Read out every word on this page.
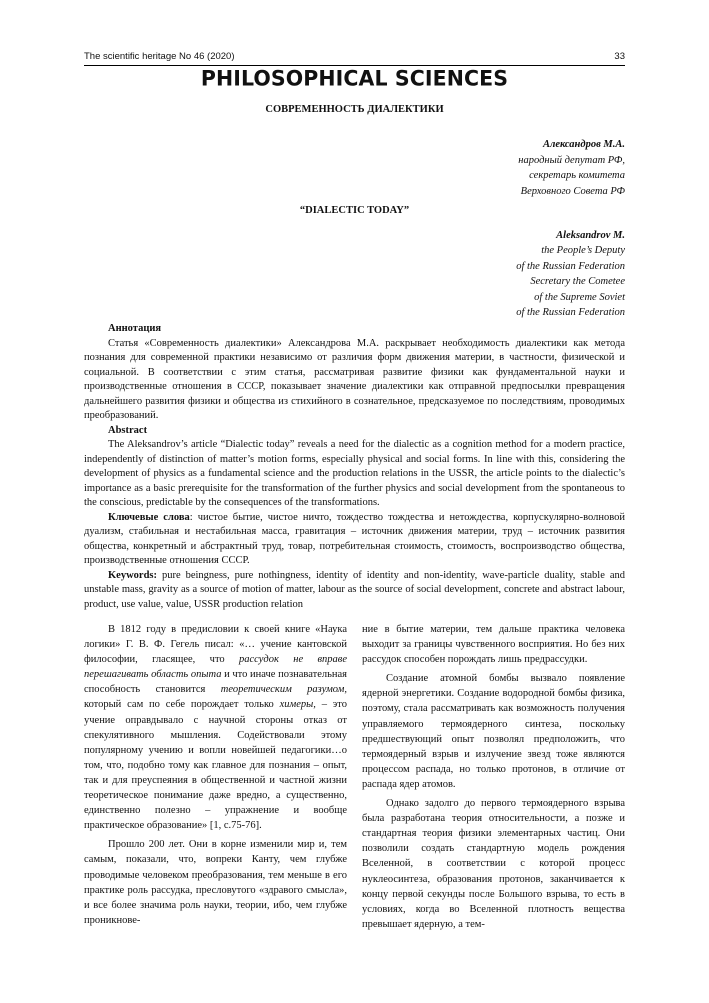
The scientific heritage No 46 (2020)	33
PHILOSOPHICAL SCIENCES
СОВРЕМЕННОСТЬ ДИАЛЕКТИКИ
Александров М.А.
народный депутат РФ,
секретарь комитета
Верховного Совета РФ
“DIALECTIC TODAY”
Aleksandrov M.
the People’s Deputy
of the Russian Federation
Secretary the Cometee
of the Supreme Soviet
of the Russian Federation

Аннотация

Статья «Современность диалектики» Александрова М.А. раскрывает необходимость диалектики как метода познания для современной практики независимо от различия форм движения материи, в частности, физической и социальной. В соответствии с этим статья, рассматривая развитие физики как фундаментальной науки и производственные отношения в СССР, показывает значение диалектики как отправной предпосылки превращения дальнейшего развития физики и общества из стихийного в сознательное, предсказуемое по последствиям, проводимых преобразований.

Abstract

The Aleksandrov’s article “Dialectic today” reveals a need for the dialectic as a cognition method for a modern practice, independently of distinction of matter’s motion forms, especially physical and social forms. In line with this, considering the development of physics as a fundamental science and the production relations in the USSR, the article points to the dialectic’s importance as a basic prerequisite for the transformation of the further physics and social development from the spontaneous to the conscious, predictable by the consequences of the transformations.

Ключевые слова: чистое бытие, чистое ничто, тождество тождества и нетождества, корпускулярно-волновой дуализм, стабильная и нестабильная масса, гравитация – источник движения материи, труд – источник развития общества, конкретный и абстрактный труд, товар, потребительная стоимость, стоимость, воспроизводство общества, производственные отношения СССР.

Keywords: pure beingness, pure nothingness, identity of identity and non-identity, wave-particle duality, stable and unstable mass, gravity as a source of motion of matter, labour as the source of social development, concrete and abstract labour, product, use value, value, USSR production relation

В 1812 году в предисловии к своей книге «Наука логики» Г. В. Ф. Гегель писал: «… учение кантовской философии, гласящее, что рассудок не вправе перешагивать область опыта и что иначе познавательная способность становится теоретическим разумом, который сам по себе порождает только химеры, – это учение оправдывало с научной стороны отказ от спекулятивного мышления. Содействовали этому популярному учению и вопли новейшей педагогики…о том, что, подобно тому как главное для познания – опыт, так и для преуспеяния в общественной и частной жизни теоретическое понимание даже вредно, а существенно, единственно полезно – упражнение и вообще практическое образование» [1, с.75-76].

Прошло 200 лет. Они в корне изменили мир и, тем самым, показали, что, вопреки Канту, чем глубже проводимые человеком преобразования, тем меньше в его практике роль рассудка, пресловутого «здравого смысла», и все более значима роль науки, теории, ибо, чем глубже проникнове-

ние в бытие материи, тем дальше практика человека выходит за границы чувственного восприятия. Но без них рассудок способен порождать лишь предрассудки.

Создание атомной бомбы вызвало появление ядерной энергетики. Создание водородной бомбы физика, поэтому, стала рассматривать как возможность получения управляемого термоядерного синтеза, поскольку предшествующий опыт позволял предположить, что термоядерный взрыв и излучение звезд тоже являются процессом распада, но только протонов, в отличие от распада ядер атомов.

Однако задолго до первого термоядерного взрыва была разработана теория относительности, а позже и стандартная теория физики элементарных частиц. Они позволили создать стандартную модель рождения Вселенной, в соответствии с которой процесс нуклеосинтеза, образования протонов, заканчивается к концу первой секунды после Большого взрыва, то есть в условиях, когда во Вселенной плотность вещества превышает ядерную, а тем-
